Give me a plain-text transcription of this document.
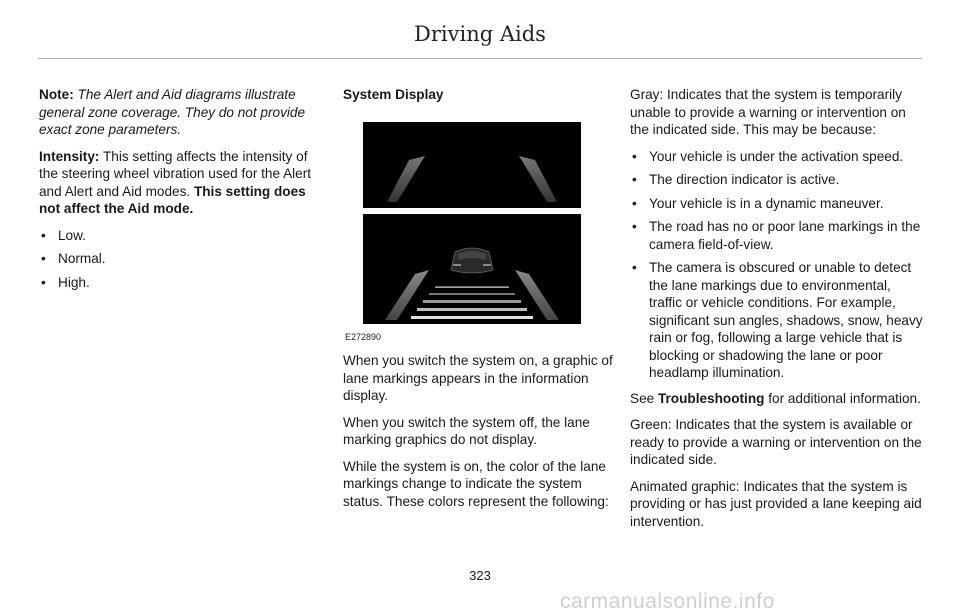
Driving Aids

Note: The Alert and Aid diagrams illustrate general zone coverage. They do not provide exact zone parameters.

Intensity: This setting affects the intensity of the steering wheel vibration used for the Alert and Alert and Aid modes. This setting does not affect the Aid mode.

• Low.
• Normal.
• High.

System Display

E272890

When you switch the system on, a graphic of lane markings appears in the information display.

When you switch the system off, the lane marking graphics do not display.

While the system is on, the color of the lane markings change to indicate the system status. These colors represent the following:

Gray: Indicates that the system is temporarily unable to provide a warning or intervention on the indicated side. This may be because:

• Your vehicle is under the activation speed.
• The direction indicator is active.
• Your vehicle is in a dynamic maneuver.
• The road has no or poor lane markings in the camera field-of-view.
• The camera is obscured or unable to detect the lane markings due to environmental, traffic or vehicle conditions. For example, significant sun angles, shadows, snow, heavy rain or fog, following a large vehicle that is blocking or shadowing the lane or poor headlamp illumination.

See Troubleshooting for additional information.

Green: Indicates that the system is available or ready to provide a warning or intervention on the indicated side.

Animated graphic: Indicates that the system is providing or has just provided a lane keeping aid intervention.

323
carmanualsonline.info
